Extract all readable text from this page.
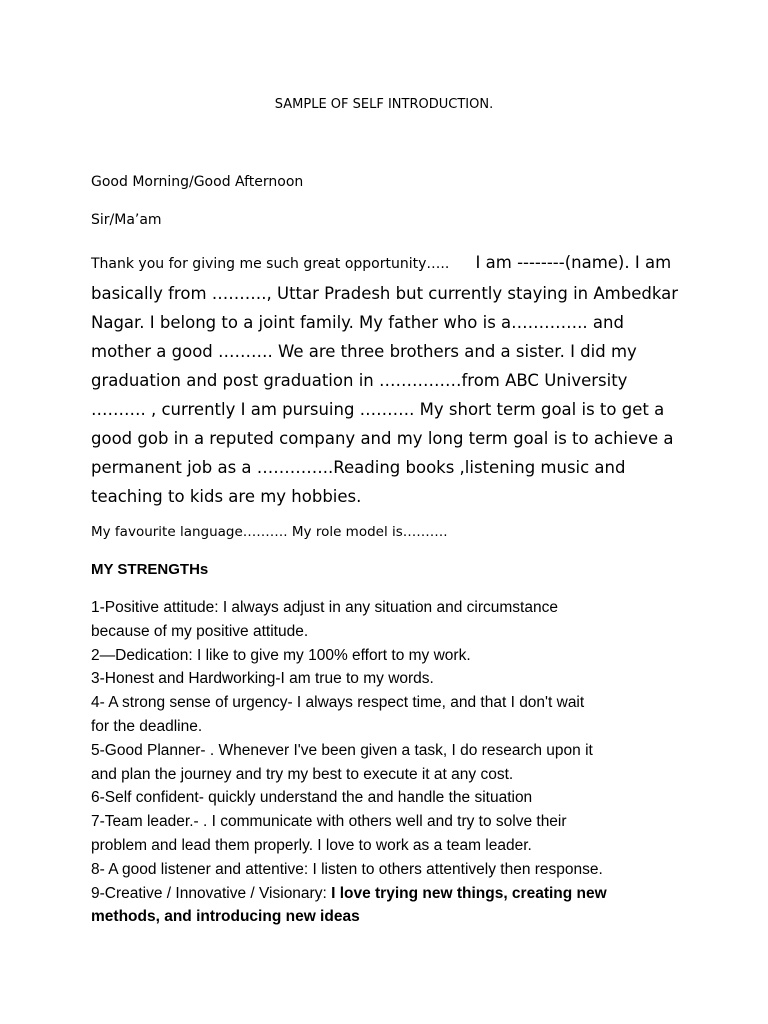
SAMPLE OF SELF INTRODUCTION.
Good Morning/Good Afternoon
Sir/Ma’am
Thank you for giving me such great opportunity….. I am --------(name). I am
basically from ………., Uttar Pradesh but currently staying in Ambedkar
Nagar. I belong to a joint family. My father who is a………….. and
mother a good ………. We are three brothers and a sister. I did my
graduation and post graduation in ……………from ABC University
………. , currently I am pursuing ………. My short term goal is to get a
good gob in a reputed company and my long term goal is to achieve a
permanent job as a …………..Reading books ,listening music and
teaching to kids are my hobbies.
My favourite language………. My role model is……….
MY STRENGTHs
1-Positive attitude: I always adjust in any situation and circumstance
because of my positive attitude.
2—Dedication: I like to give my 100% effort to my work.
3-Honest and Hardworking-I am true to my words.
4- A strong sense of urgency- I always respect time, and that I don't wait
for the deadline.
5-Good Planner- . Whenever I've been given a task, I do research upon it
and plan the journey and try my best to execute it at any cost.
6-Self confident- quickly understand the and handle the situation
7-Team leader.- . I communicate with others well and try to solve their
problem and lead them properly. I love to work as a team leader.
8- A good listener and attentive: I listen to others attentively then response.
9-Creative / Innovative / Visionary: I love trying new things, creating new
methods, and introducing new ideas
